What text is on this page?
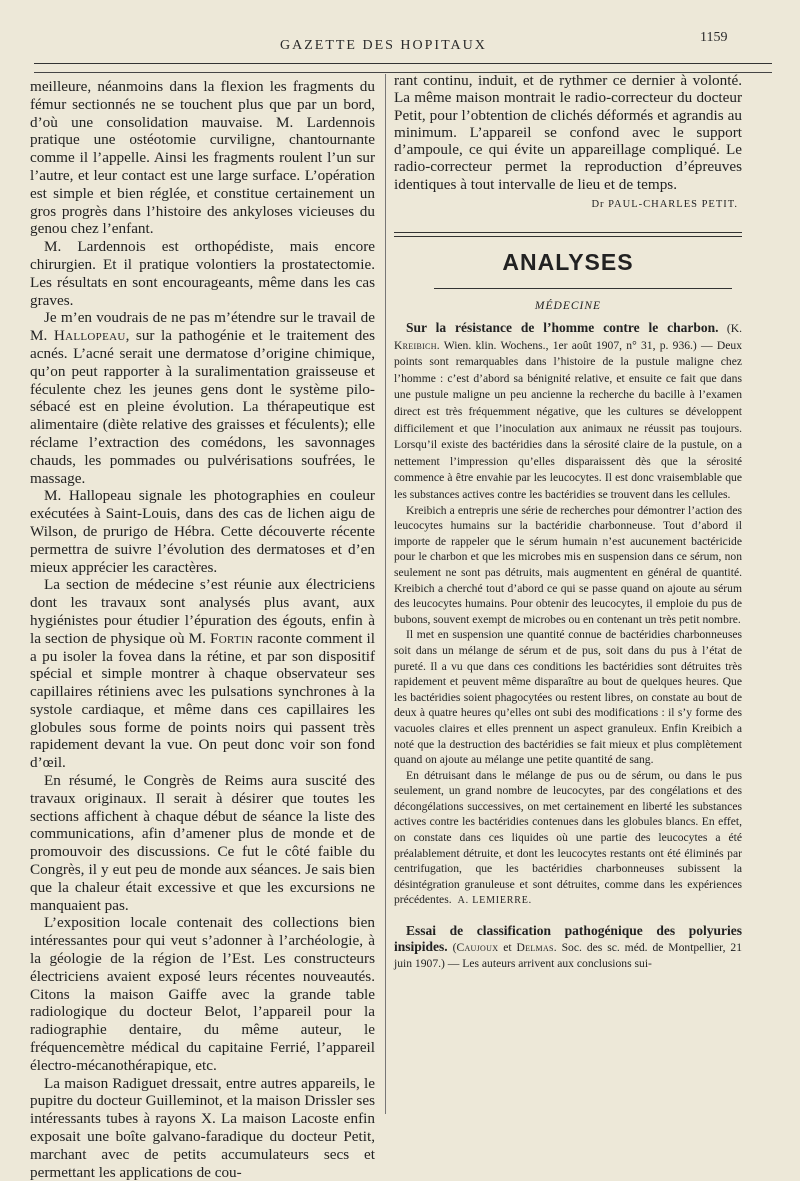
GAZETTE DES HOPITAUX
1159

meilleure, néanmoins dans la flexion les fragments du fémur sectionnés ne se touchent plus que par un bord, d’où une consolidation mauvaise. M. Lardennois pratique une ostéotomie curviligne, chantournante comme il l’appelle. Ainsi les fragments roulent l’un sur l’autre, et leur contact est une large surface. L’opération est simple et bien réglée, et constitue certainement un gros progrès dans l’histoire des ankyloses vicieuses du genou chez l’enfant.

M. Lardennois est orthopédiste, mais encore chirurgien. Et il pratique volontiers la prostatectomie. Les résultats en sont encourageants, même dans les cas graves.

Je m’en voudrais de ne pas m’étendre sur le travail de M. Hallopeau, sur la pathogénie et le traitement des acnés. L’acné serait une dermatose d’origine chimique, qu’on peut rapporter à la suralimentation graisseuse et féculente chez les jeunes gens dont le système pilo-sébacé est en pleine évolution. La thérapeutique est alimentaire (diète relative des graisses et féculents); elle réclame l’extraction des comédons, les savonnages chauds, les pommades ou pulvérisations soufrées, le massage.

M. Hallopeau signale les photographies en couleur exécutées à Saint-Louis, dans des cas de lichen aigu de Wilson, de prurigo de Hébra. Cette découverte récente permettra de suivre l’évolution des dermatoses et d’en mieux apprécier les caractères.

La section de médecine s’est réunie aux électriciens dont les travaux sont analysés plus avant, aux hygiénistes pour étudier l’épuration des égouts, enfin à la section de physique où M. Fortin raconte comment il a pu isoler la fovea dans la rétine, et par son dispositif spécial et simple montrer à chaque observateur ses capillaires rétiniens avec les pulsations synchrones à la systole cardiaque, et même dans ces capillaires les globules sous forme de points noirs qui passent très rapidement devant la vue. On peut donc voir son fond d’œil.

En résumé, le Congrès de Reims aura suscité des travaux originaux. Il serait à désirer que toutes les sections affichent à chaque début de séance la liste des communications, afin d’amener plus de monde et de promouvoir des discussions. Ce fut le côté faible du Congrès, il y eut peu de monde aux séances. Je sais bien que la chaleur était excessive et que les excursions ne manquaient pas.

L’exposition locale contenait des collections bien intéressantes pour qui veut s’adonner à l’archéologie, à la géologie de la région de l’Est. Les constructeurs électriciens avaient exposé leurs récentes nouveautés. Citons la maison Gaiffe avec la grande table radiologique du docteur Belot, l’appareil pour la radiographie dentaire, du même auteur, le fréquencemètre médical du capitaine Ferrié, l’appareil électro-mécanothérapique, etc.

La maison Radiguet dressait, entre autres appareils, le pupitre du docteur Guilleminot, et la maison Drissler ses intéressants tubes à rayons X. La maison Lacoste enfin exposait une boîte galvano-faradique du docteur Petit, marchant avec de petits accumulateurs secs et permettant les applications de cou-

rant continu, induit, et de rythmer ce dernier à volonté. La même maison montrait le radio-correcteur du docteur Petit, pour l’obtention de clichés déformés et agrandis au minimum. L’appareil se confond avec le support d’ampoule, ce qui évite un appareillage compliqué. Le radio-correcteur permet la reproduction d’épreuves identiques à tout intervalle de lieu et de temps.

Dr PAUL-CHARLES PETIT.
ANALYSES
MÉDECINE

Sur la résistance de l’homme contre le charbon. (K. Kreibich. Wien. klin. Wochens., 1er août 1907, n° 31, p. 936.) — Deux points sont remarquables dans l’histoire de la pustule maligne chez l’homme : c’est d’abord sa bénignité relative, et ensuite ce fait que dans une pustule maligne un peu ancienne la recherche du bacille à l’examen direct est très fréquemment négative, que les cultures se développent difficilement et que l’inoculation aux animaux ne réussit pas toujours. Lorsqu’il existe des bactéridies dans la sérosité claire de la pustule, on a nettement l’impression qu’elles disparaissent dès que la sérosité commence à être envahie par les leucocytes. Il est donc vraisemblable que les substances actives contre les bactéridies se trouvent dans les cellules.

Kreibich a entrepris une série de recherches pour démontrer l’action des leucocytes humains sur la bactéridie charbonneuse. Tout d’abord il importe de rappeler que le sérum humain n’est aucunement bactéricide pour le charbon et que les microbes mis en suspension dans ce sérum, non seulement ne sont pas détruits, mais augmentent en général de quantité. Kreibich a cherché tout d’abord ce qui se passe quand on ajoute au sérum des leucocytes humains. Pour obtenir des leucocytes, il emploie du pus de bubons, souvent exempt de microbes ou en contenant un très petit nombre.

Il met en suspension une quantité connue de bactéridies charbonneuses soit dans un mélange de sérum et de pus, soit dans du pus à l’état de pureté. Il a vu que dans ces conditions les bactéridies sont détruites très rapidement et peuvent même disparaître au bout de quelques heures. Que les bactéridies soient phagocytées ou restent libres, on constate au bout de deux à quatre heures qu’elles ont subi des modifications : il s’y forme des vacuoles claires et elles prennent un aspect granuleux. Enfin Kreibich a noté que la destruction des bactéridies se fait mieux et plus complètement quand on ajoute au mélange une petite quantité de sang.

En détruisant dans le mélange de pus ou de sérum, ou dans le pus seulement, un grand nombre de leucocytes, par des congélations et des décongélations successives, on met certainement en liberté les substances actives contre les bactéridies contenues dans les globules blancs. En effet, on constate dans ces liquides où une partie des leucocytes a été préalablement détruite, et dont les leucocytes restants ont été éliminés par centrifugation, que les bactéridies charbonneuses subissent la désintégration granuleuse et sont détruites, comme dans les expériences précédentes. A. LEMIERRE.

Essai de classification pathogénique des polyuries insipides. (Caujoux et Delmas. Soc. des sc. méd. de Montpellier, 21 juin 1907.) — Les auteurs arrivent aux conclusions sui-
